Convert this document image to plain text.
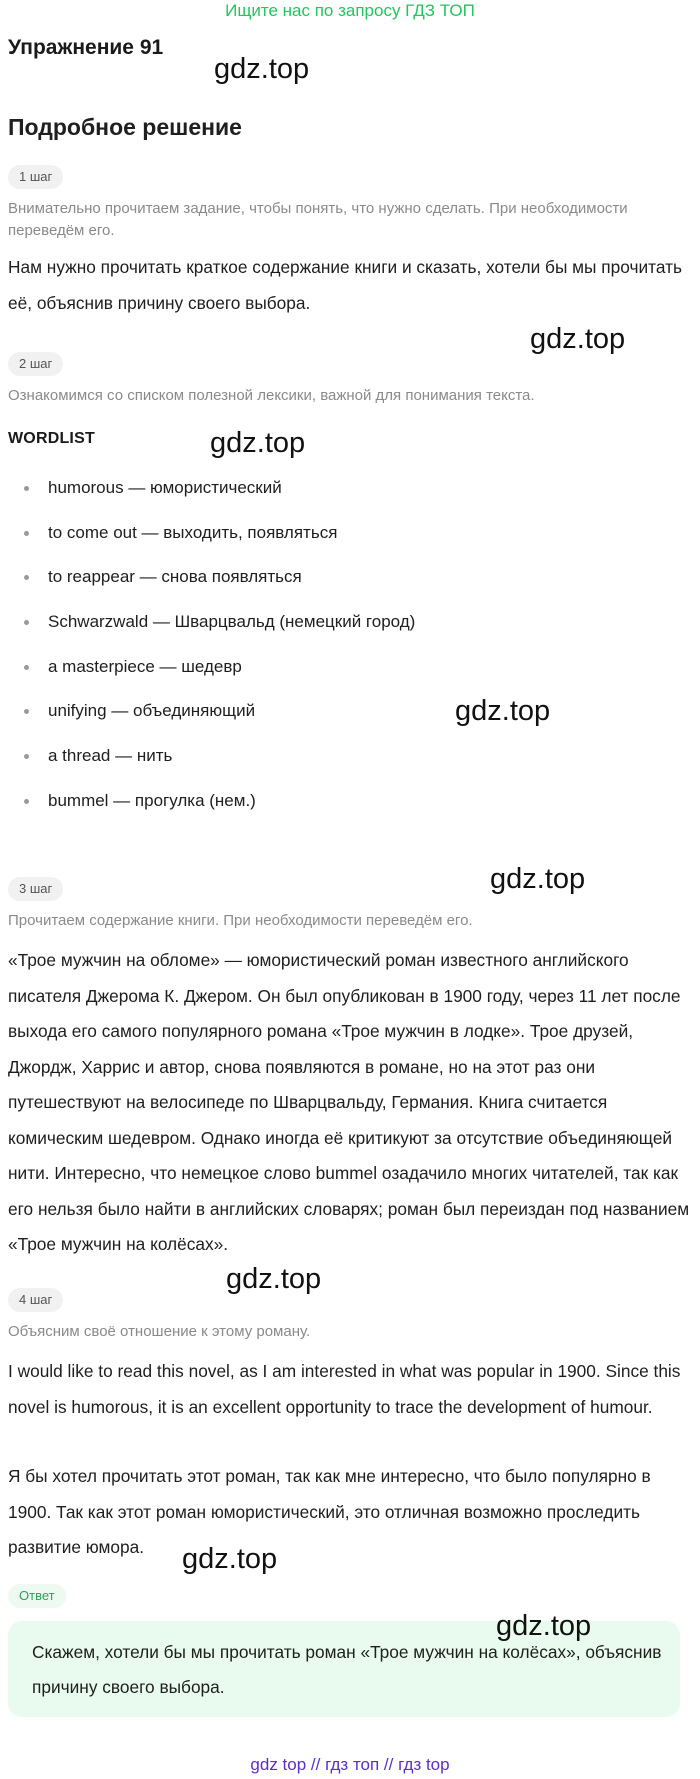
Ищите нас по запросу ГДЗ ТОП
Упражнение 91
gdz.top
Подробное решение
1 шаг
Внимательно прочитаем задание, чтобы понять, что нужно сделать. При необходимости переведём его.
Нам нужно прочитать краткое содержание книги и сказать, хотели бы мы прочитать её, объяснив причину своего выбора.
gdz.top
2 шаг
Ознакомимся со списком полезной лексики, важной для понимания текста.
WORDLIST	gdz.top
humorous — юмористический
to come out — выходить, появляться
to reappear — снова появляться
Schwarzwald — Шварцвальд (немецкий город)
a masterpiece — шедевр
unifying — объединяющий
a thread — нить
bummel — прогулка (нем.)
gdz.top
gdz.top
3 шаг
Прочитаем содержание книги. При необходимости переведём его.
«Трое мужчин на обломе» — юмористический роман известного английского писателя Джерома К. Джером. Он был опубликован в 1900 году, через 11 лет после выхода его самого популярного романа «Трое мужчин в лодке». Трое друзей, Джордж, Харрис и автор, снова появляются в романе, но на этот раз они путешествуют на велосипеде по Шварцвальду, Германия. Книга считается комическим шедевром. Однако иногда её критикуют за отсутствие объединяющей нити. Интересно, что немецкое слово bummel озадачило многих читателей, так как его нельзя было найти в английских словарях; роман был переиздан под названием «Трое мужчин на колёсах».
gdz.top
4 шаг
Объясним своё отношение к этому роману.
I would like to read this novel, as I am interested in what was popular in 1900. Since this novel is humorous, it is an excellent opportunity to trace the development of humour.
Я бы хотел прочитать этот роман, так как мне интересно, что было популярно в 1900. Так как этот роман юмористический, это отличная возможно проследить развитие юмора.	gdz.top
Ответ
Скажем, хотели бы мы прочитать роман «Трое мужчин на колёсах», объяснив причину своего выбора.
gdz.top
gdz top // гдз топ // гдз top
